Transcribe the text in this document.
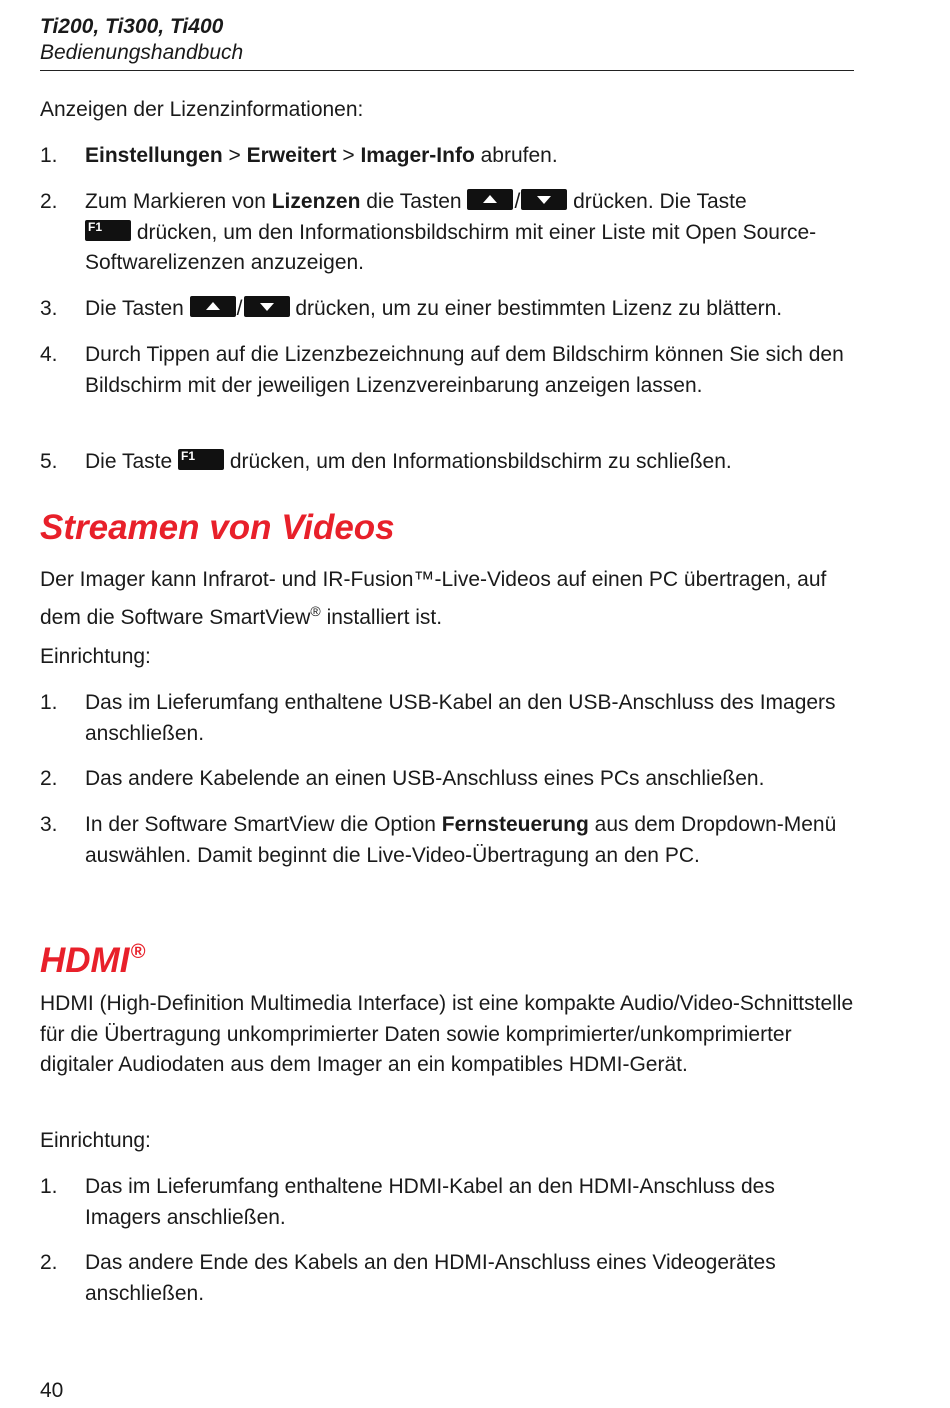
Ti200, Ti300, Ti400
Bedienungshandbuch
Anzeigen der Lizenzinformationen:
1. Einstellungen > Erweitert > Imager-Info abrufen.
2. Zum Markieren von Lizenzen die Tasten / drücken. Die Taste

F1 drücken, um den Informationsbildschirm mit einer Liste mit Open Source-Softwarelizenzen anzuzeigen.
3. Die Tasten / drücken, um zu einer bestimmten Lizenz zu blättern.
4. Durch Tippen auf die Lizenzbezeichnung auf dem Bildschirm können Sie sich den Bildschirm mit der jeweiligen Lizenzvereinbarung anzeigen lassen.
5. Die Taste F1 drücken, um den Informationsbildschirm zu schließen.
Streamen von Videos
Der Imager kann Infrarot- und IR-Fusion™-Live-Videos auf einen PC übertragen, auf dem die Software SmartView® installiert ist.
Einrichtung:
1. Das im Lieferumfang enthaltene USB-Kabel an den USB-Anschluss des Imagers anschließen.
2. Das andere Kabelende an einen USB-Anschluss eines PCs anschließen.
3. In der Software SmartView die Option Fernsteuerung aus dem Dropdown-Menü auswählen. Damit beginnt die Live-Video-Übertragung an den PC.
HDMI®
HDMI (High-Definition Multimedia Interface) ist eine kompakte Audio/Video-Schnittstelle für die Übertragung unkomprimierter Daten sowie komprimierter/unkomprimierter digitaler Audiodaten aus dem Imager an ein kompatibles HDMI-Gerät.
Einrichtung:
1. Das im Lieferumfang enthaltene HDMI-Kabel an den HDMI-Anschluss des Imagers anschließen.
2. Das andere Ende des Kabels an den HDMI-Anschluss eines Videogerätes anschließen.
40
